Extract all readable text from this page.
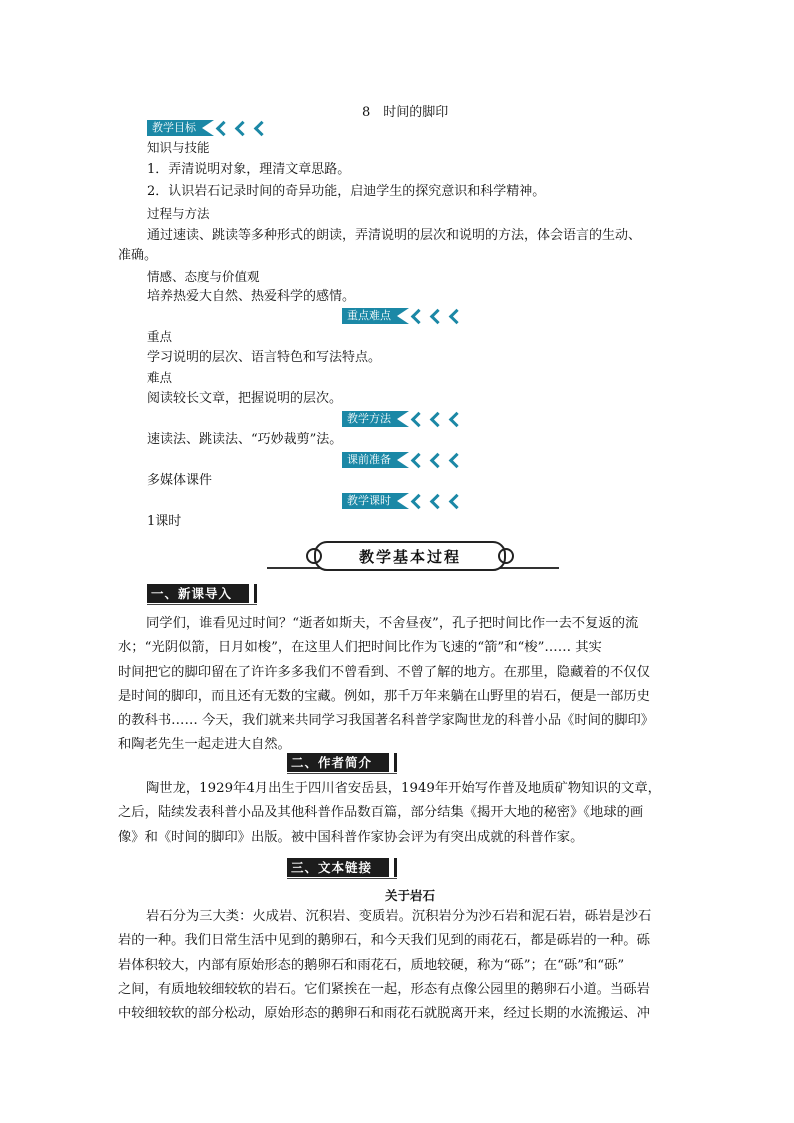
8　时间的脚印
教学目标
知识与技能
1．弄清说明对象，理清文章思路。
2．认识岩石记录时间的奇异功能，启迪学生的探究意识和科学精神。
过程与方法
通过速读、跳读等多种形式的朗读，弄清说明的层次和说明的方法，体会语言的生动、
准确。
情感、态度与价值观
培养热爱大自然、热爱科学的感情。
重点难点
重点
学习说明的层次、语言特色和写法特点。
难点
阅读较长文章，把握说明的层次。
教学方法
速读法、跳读法、“巧妙裁剪”法。
课前准备
多媒体课件
教学课时
1课时
教学基本过程
一、新课导入
同学们，谁看见过时间？“逝者如斯夫，不舍昼夜”，孔子把时间比作一去不复返的流
水；“光阴似箭，日月如梭”，在这里人们把时间比作为飞速的“箭”和“梭”…… 其实
时间把它的脚印留在了许许多多我们不曾看到、不曾了解的地方。在那里，隐藏着的不仅仅
是时间的脚印，而且还有无数的宝藏。例如，那千万年来躺在山野里的岩石，便是一部历史
的教科书…… 今天，我们就来共同学习我国著名科普学家陶世龙的科普小品《时间的脚印》
和陶老先生一起走进大自然。
二、作者简介
陶世龙，1929年4月出生于四川省安岳县，1949年开始写作普及地质矿物知识的文章，
之后，陆续发表科普小品及其他科普作品数百篇，部分结集《揭开大地的秘密》《地球的画
像》和《时间的脚印》出版。被中国科普作家协会评为有突出成就的科普作家。
三、文本链接
关于岩石
岩石分为三大类：火成岩、沉积岩、变质岩。沉积岩分为沙石岩和泥石岩，砾岩是沙石
岩的一种。我们日常生活中见到的鹅卵石，和今天我们见到的雨花石，都是砾岩的一种。砾
岩体积较大，内部有原始形态的鹅卵石和雨花石，质地较硬，称为“砾”；在“砾”和“砾”
之间，有质地较细较软的岩石。它们紧挨在一起，形态有点像公园里的鹅卵石小道。当砾岩
中较细较软的部分松动，原始形态的鹅卵石和雨花石就脱离开来，经过长期的水流搬运、冲
